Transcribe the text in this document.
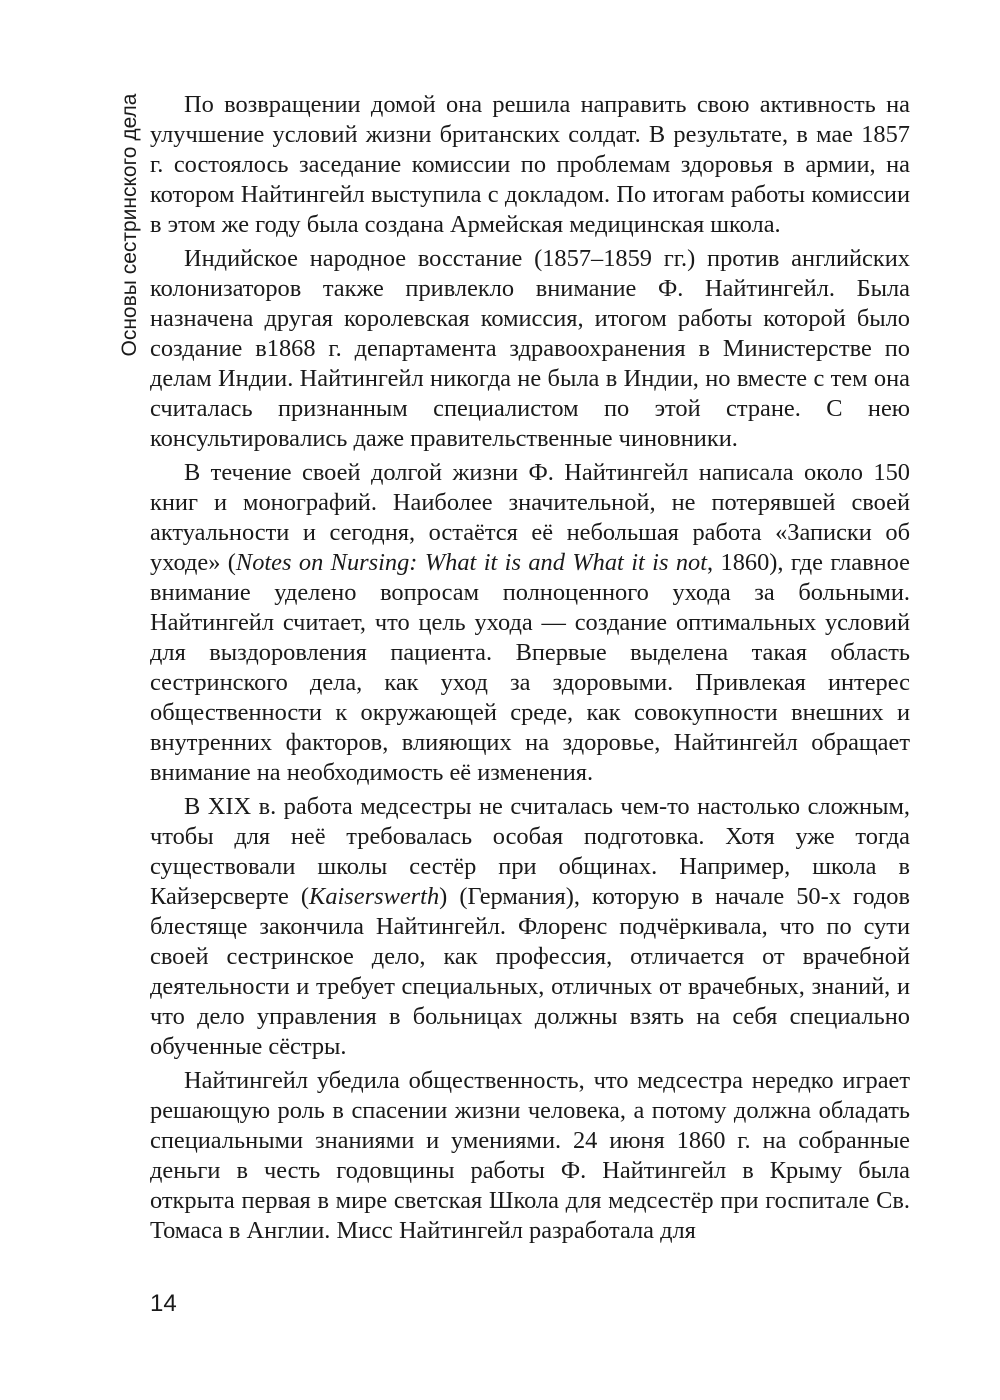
Основы сестринского дела	По возвращении домой она решила направить свою активность на улучшение условий жизни британских солдат. В результате, в мае 1857 г. состоялось заседание комиссии по проблемам здоровья в армии, на котором Найтингейл выступила с докладом. По итогам работы комиссии в этом же году была создана Армейская медицинская школа.

Индийское народное восстание (1857–1859 гг.) против английских колонизаторов также привлекло внимание Ф. Найтингейл. Была назначена другая королевская комиссия, итогом работы которой было создание в1868 г. департамента здравоохранения в Министерстве по делам Индии. Найтингейл никогда не была в Индии, но вместе с тем она считалась признанным специалистом по этой стране. С нею консультировались даже правительственные чиновники.

В течение своей долгой жизни Ф. Найтингейл написала около 150 книг и монографий. Наиболее значительной, не потерявшей своей актуальности и сегодня, остаётся её небольшая работа «Записки об уходе» (Notes on Nursing: What it is and What it is not, 1860), где главное внимание уделено вопросам полноценного ухода за больными. Найтингейл считает, что цель ухода — создание оптимальных условий для выздоровления пациента. Впервые выделена такая область сестринского дела, как уход за здоровыми. Привлекая интерес общественности к окружающей среде, как совокупности внешних и внутренних факторов, влияющих на здоровье, Найтингейл обращает внимание на необходимость её изменения.

В XIX в. работа медсестры не считалась чем-то настолько сложным, чтобы для неё требовалась особая подготовка. Хотя уже тогда существовали школы сестёр при общинах. Например, школа в Кайзерсверте (Kaiserswerth) (Германия), которую в начале 50-х годов блестяще закончила Найтингейл. Флоренс подчёркивала, что по сути своей сестринское дело, как профессия, отличается от врачебной деятельности и требует специальных, отличных от врачебных, знаний, и что дело управления в больницах должны взять на себя специально обученные сёстры.

Найтингейл убедила общественность, что медсестра нередко играет решающую роль в спасении жизни человека, а потому должна обладать специальными знаниями и умениями. 24 июня 1860 г. на собранные деньги в честь годовщины работы Ф. Найтингейл в Крыму была открыта первая в мире светская Школа для медсестёр при госпитале Св. Томаса в Англии. Мисс Найтингейл разработала для

14
